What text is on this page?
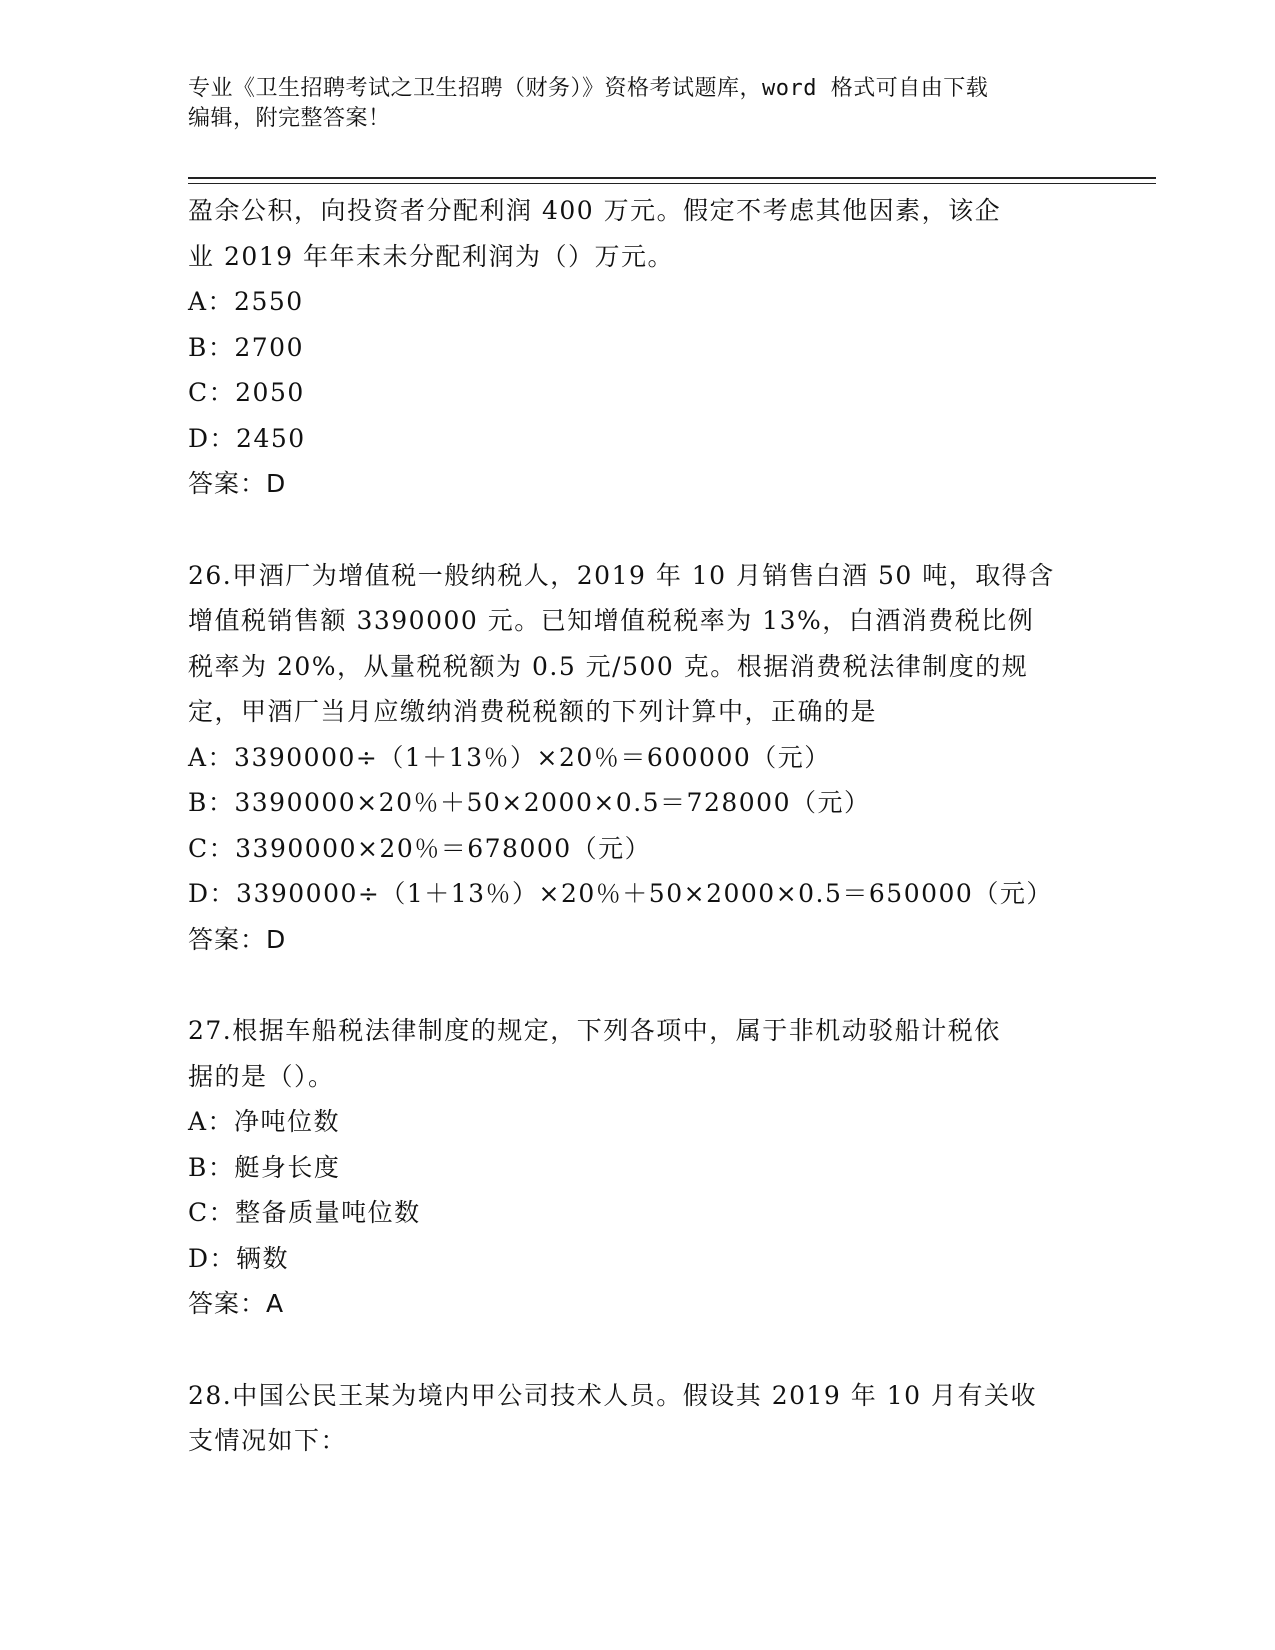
专业《卫生招聘考试之卫生招聘（财务）》资格考试题库，word 格式可自由下载

编辑，附完整答案！

盈余公积，向投资者分配利润 400 万元。假定不考虑其他因素，该企
业 2019 年年末未分配利润为（）万元。
A：2550
B：2700
C：2050
D：2450
答案：D
26.甲酒厂为增值税一般纳税人，2019 年 10 月销售白酒 50 吨，取得含
增值税销售额 3390000 元。已知增值税税率为 13%，白酒消费税比例
税率为 20%，从量税税额为 0.5 元/500 克。根据消费税法律制度的规
定，甲酒厂当月应缴纳消费税税额的下列计算中，正确的是
A：3390000÷（1＋13％）×20％＝600000（元）
B：3390000×20％＋50×2000×0.5＝728000（元）
C：3390000×20％＝678000（元）
D：3390000÷（1＋13％）×20％＋50×2000×0.5＝650000（元）
答案：D
27.根据车船税法律制度的规定，下列各项中，属于非机动驳船计税依
据的是（）。
A：净吨位数
B：艇身长度
C：整备质量吨位数
D：辆数
答案：A
28.中国公民王某为境内甲公司技术人员。假设其 2019 年 10 月有关收
支情况如下：
